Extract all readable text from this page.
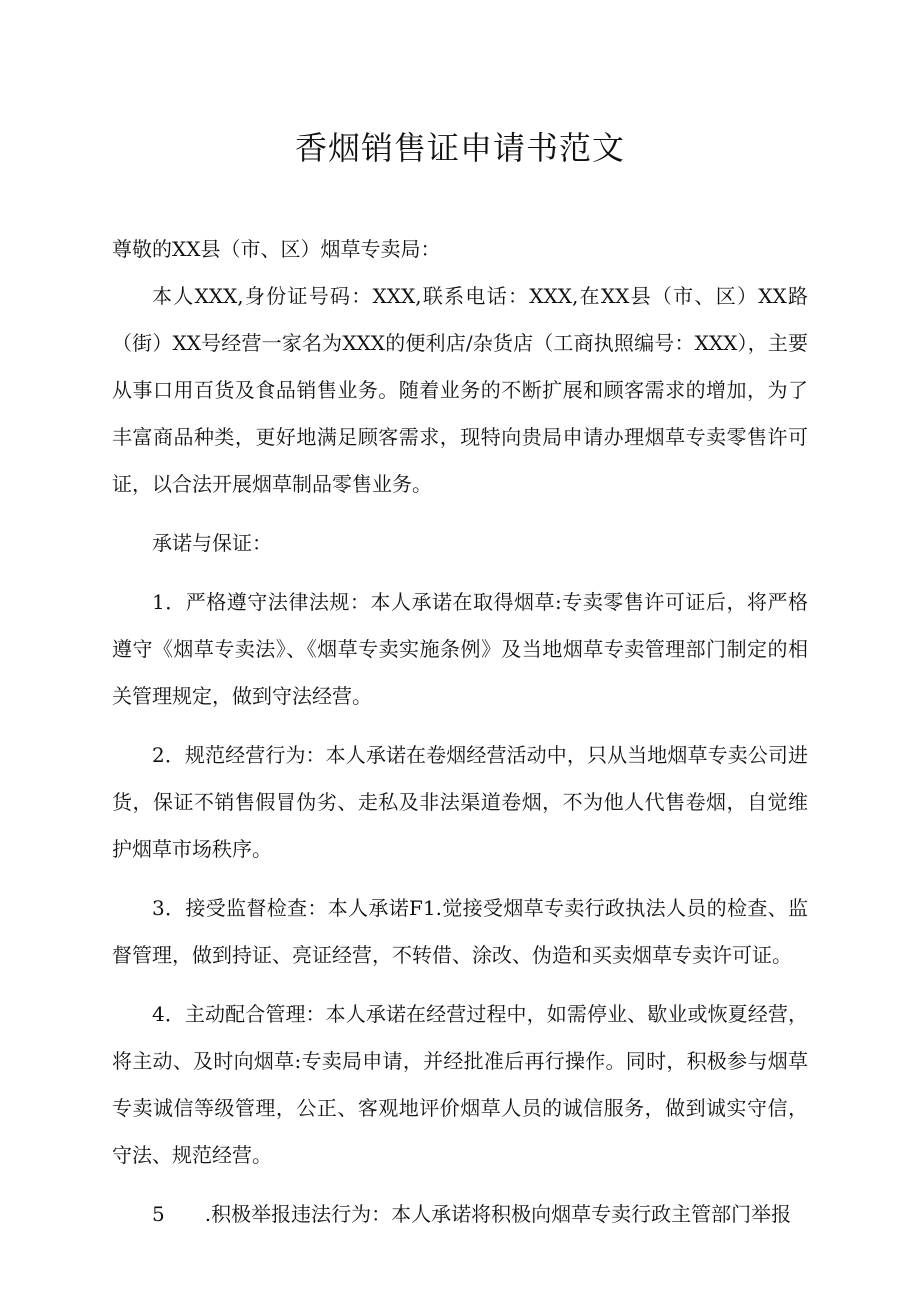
香烟销售证申请书范文

尊敬的XX县（市、区）烟草专卖局：

本人XXX,身份证号码：XXX,联系电话：XXX,在XX县（市、区）XX路（街）XX号经营一家名为XXX的便利店/杂货店（工商执照编号：XXX），主要从事口用百货及食品销售业务。随着业务的不断扩展和顾客需求的增加，为了丰富商品种类，更好地满足顾客需求，现特向贵局申请办理烟草专卖零售许可证，以合法开展烟草制品零售业务。

承诺与保证：

1．严格遵守法律法规：本人承诺在取得烟草:专卖零售许可证后，将严格遵守《烟草专卖法》、《烟草专卖实施条例》及当地烟草专卖管理部门制定的相关管理规定，做到守法经营。

2．规范经营行为：本人承诺在卷烟经营活动中，只从当地烟草专卖公司进货，保证不销售假冒伪劣、走私及非法渠道卷烟，不为他人代售卷烟，自觉维护烟草市场秩序。

3．接受监督检查：本人承诺F1.觉接受烟草专卖行政执法人员的检查、监督管理，做到持证、亮证经营，不转借、涂改、伪造和买卖烟草专卖许可证。

4．主动配合管理：本人承诺在经营过程中，如需停业、歇业或恢夏经营，将主动、及时向烟草:专卖局申请，并经批准后再行操作。同时，积极参与烟草专卖诚信等级管理，公正、客观地评价烟草人员的诚信服务，做到诚实守信，守法、规范经营。

5　　.积极举报违法行为：本人承诺将积极向烟草专卖行政主管部门举报
